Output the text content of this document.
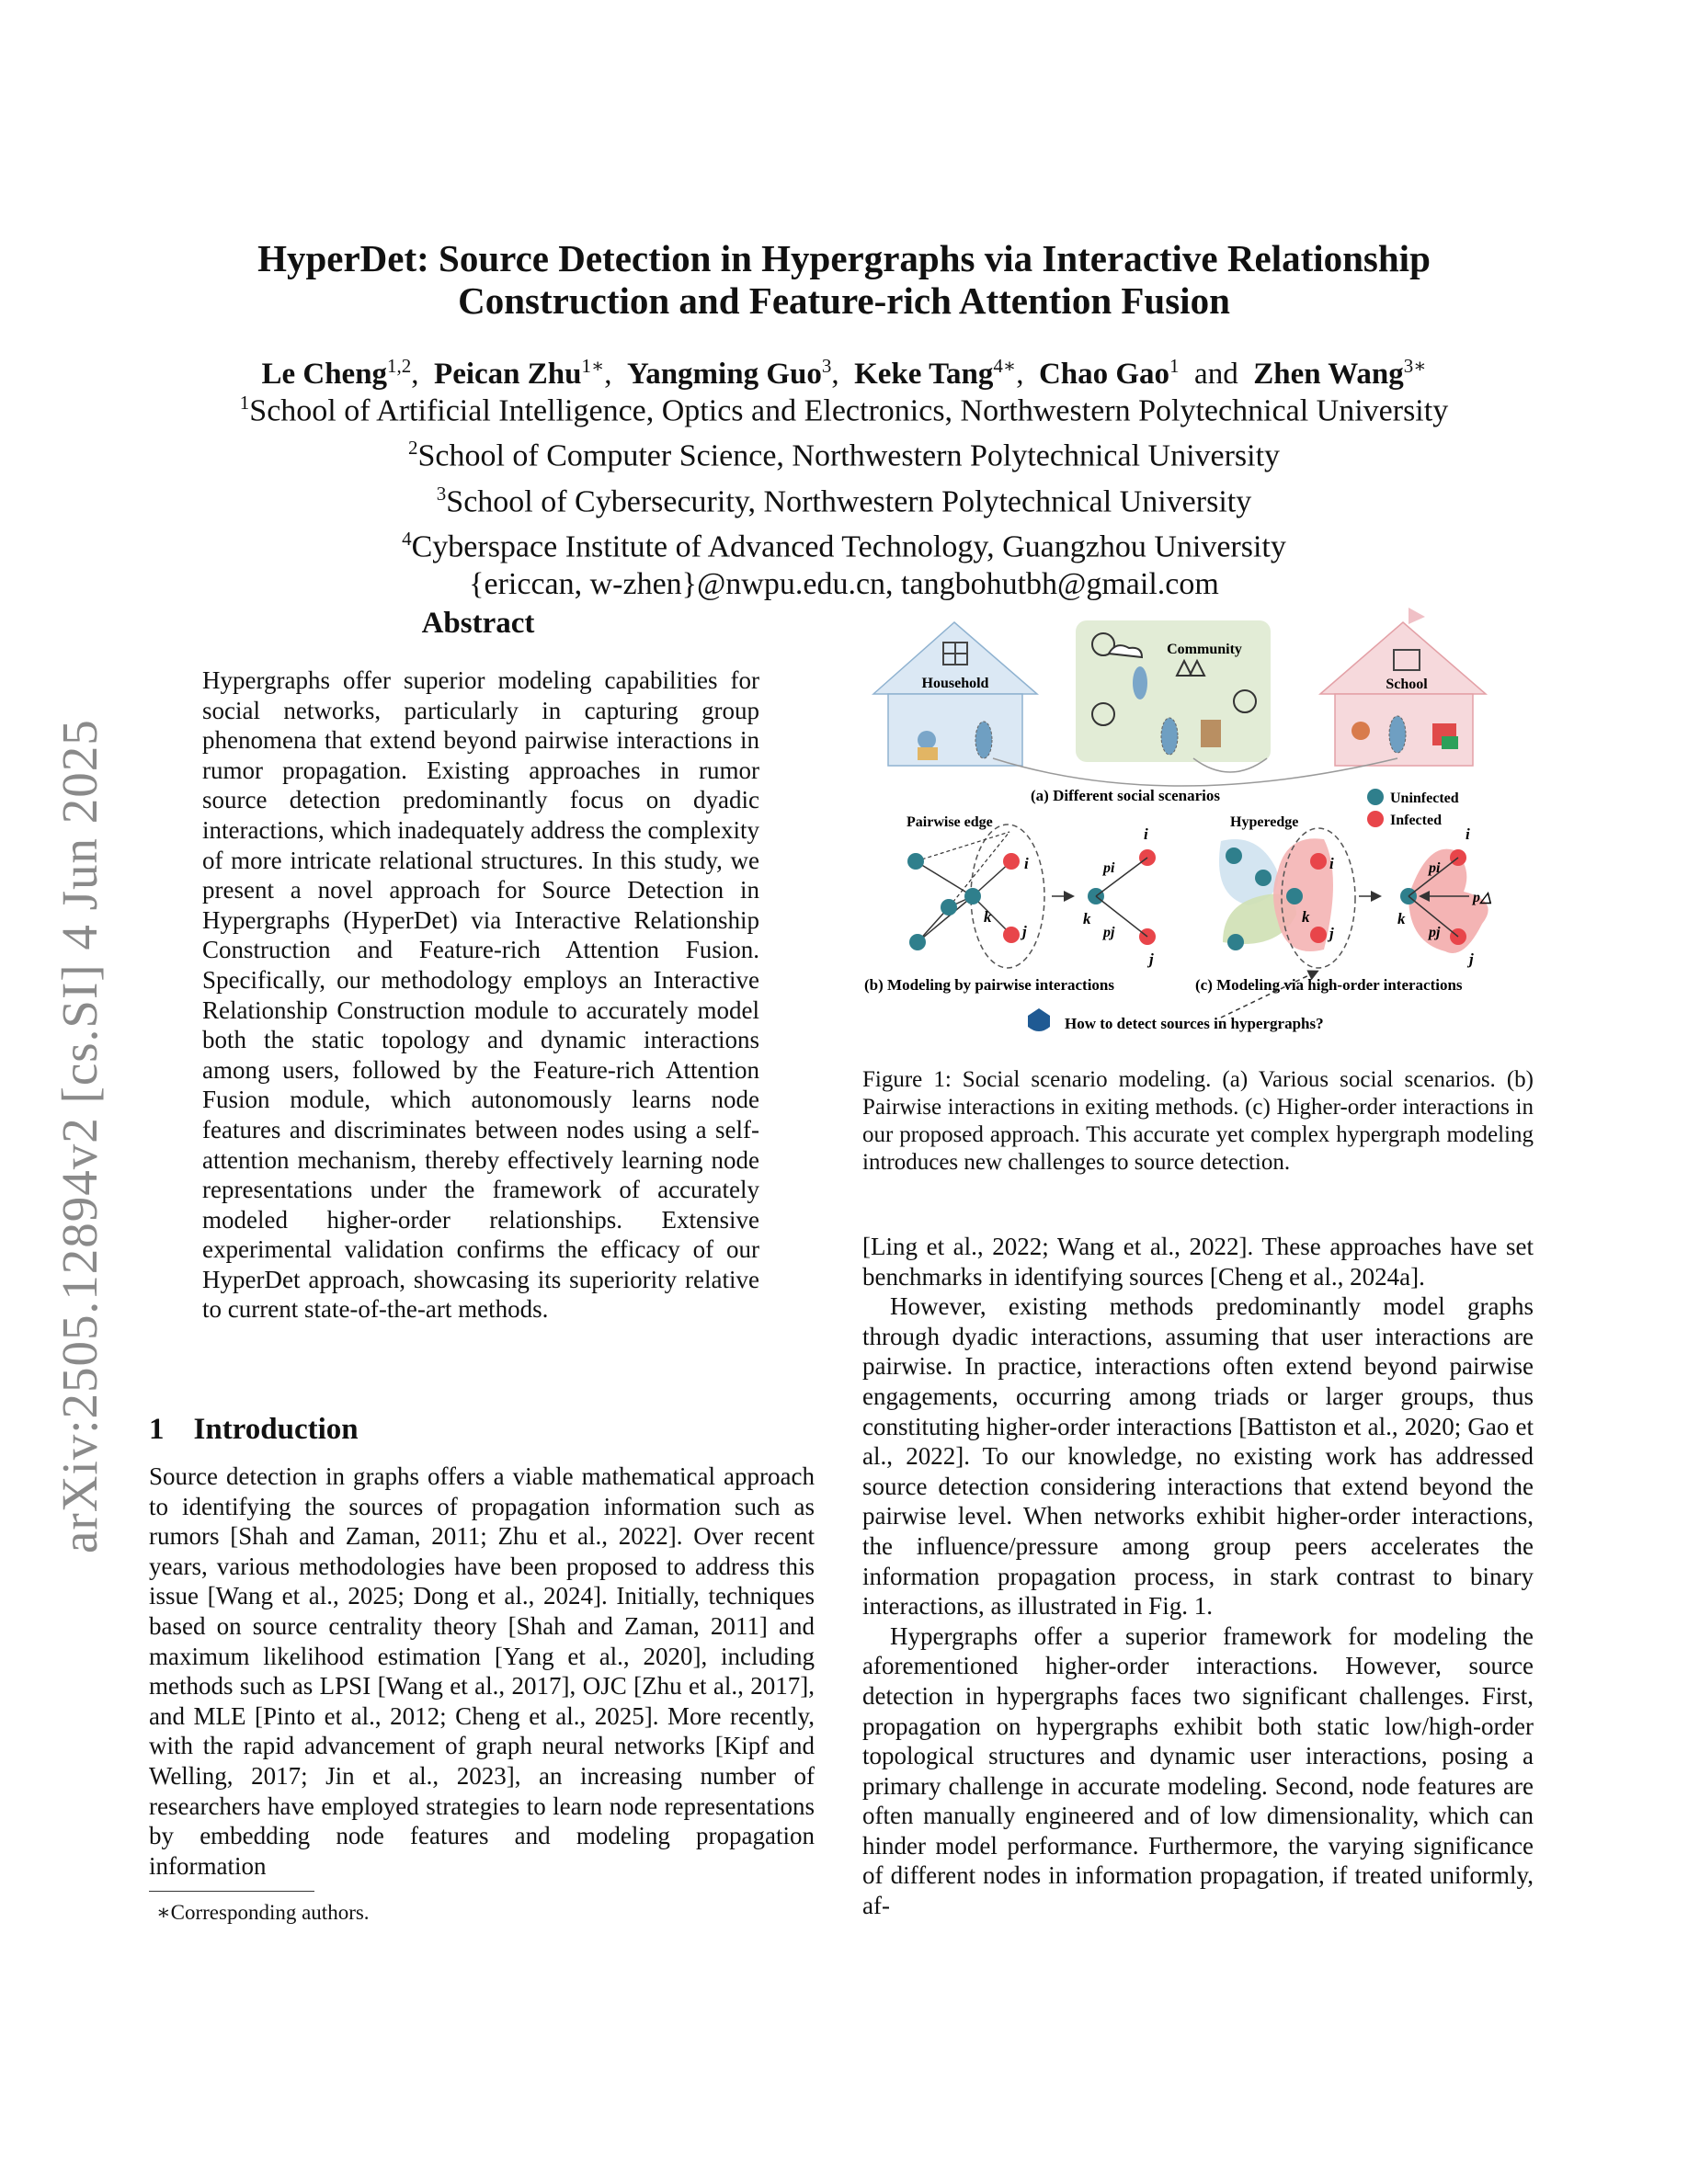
arXiv:2505.12894v2 [cs.SI] 4 Jun 2025
HyperDet: Source Detection in Hypergraphs via Interactive Relationship
Construction and Feature-rich Attention Fusion
Le Cheng$^{1,2}$,  Peican Zhu$^{1∗}$,  Yangming Guo$^3$,  Keke Tang$^{4∗}$,  Chao Gao$^1$ and Zhen Wang$^{3∗}$
$^1$School of Artificial Intelligence, Optics and Electronics, Northwestern Polytechnical University
$^2$School of Computer Science, Northwestern Polytechnical University
$^3$School of Cybersecurity, Northwestern Polytechnical University
$^4$Cyberspace Institute of Advanced Technology, Guangzhou University
{ericcan, w-zhen}@nwpu.edu.cn, tangbohutbh@gmail.com
Abstract
Hypergraphs offer superior modeling capabilities for social networks, particularly in capturing group phenomena that extend beyond pairwise interactions in rumor propagation. Existing approaches in rumor source detection predominantly focus on dyadic interactions, which inadequately address the complexity of more intricate relational structures. In this study, we present a novel approach for Source Detection in Hypergraphs (HyperDet) via Interactive Relationship Construction and Feature-rich Attention Fusion. Specifically, our methodology employs an Interactive Relationship Construction module to accurately model both the static topology and dynamic interactions among users, followed by the Feature-rich Attention Fusion module, which autonomously learns node features and discriminates between nodes using a self-attention mechanism, thereby effectively learning node representations under the framework of accurately modeled higher-order relationships. Extensive experimental validation confirms the efficacy of our HyperDet approach, showcasing its superiority relative to current state-of-the-art methods.
1 Introduction
Source detection in graphs offers a viable mathematical approach to identifying the sources of propagation information such as rumors [Shah and Zaman, 2011; Zhu et al., 2022]. Over recent years, various methodologies have been proposed to address this issue [Wang et al., 2025; Dong et al., 2024]. Initially, techniques based on source centrality theory [Shah and Zaman, 2011] and maximum likelihood estimation [Yang et al., 2020], including methods such as LPSI [Wang et al., 2017], OJC [Zhu et al., 2017], and MLE [Pinto et al., 2012; Cheng et al., 2025]. More recently, with the rapid advancement of graph neural networks [Kipf and Welling, 2017; Jin et al., 2023], an increasing number of researchers have employed strategies to learn node representations by embedding node features and modeling propagation information
∗Corresponding authors.
Household
Community
School
(a) Different social scenarios	Uninfected
Infected
Pairwise edge
i
j
k	k
i
j
pi
pj
Hyperedge
i
j
k	k
i
j
pi
pj
p△
(b) Modeling by pairwise interactions	(c) Modeling via high-order interactions
How to detect sources in hypergraphs?
Figure 1: Social scenario modeling. (a) Various social scenarios. (b) Pairwise interactions in exiting methods. (c) Higher-order interactions in our proposed approach. This accurate yet complex hypergraph modeling introduces new challenges to source detection.

[Ling et al., 2022; Wang et al., 2022]. These approaches have set benchmarks in identifying sources [Cheng et al., 2024a].

However, existing methods predominantly model graphs through dyadic interactions, assuming that user interactions are pairwise. In practice, interactions often extend beyond pairwise engagements, occurring among triads or larger groups, thus constituting higher-order interactions [Battiston et al., 2020; Gao et al., 2022]. To our knowledge, no existing work has addressed source detection considering interactions that extend beyond the pairwise level. When networks exhibit higher-order interactions, the influence/pressure among group peers accelerates the information propagation process, in stark contrast to binary interactions, as illustrated in Fig. 1.

Hypergraphs offer a superior framework for modeling the aforementioned higher-order interactions. However, source detection in hypergraphs faces two significant challenges. First, propagation on hypergraphs exhibit both static low/high-order topological structures and dynamic user interactions, posing a primary challenge in accurate modeling. Second, node features are often manually engineered and of low dimensionality, which can hinder model performance. Furthermore, the varying significance of different nodes in information propagation, if treated uniformly, af-
